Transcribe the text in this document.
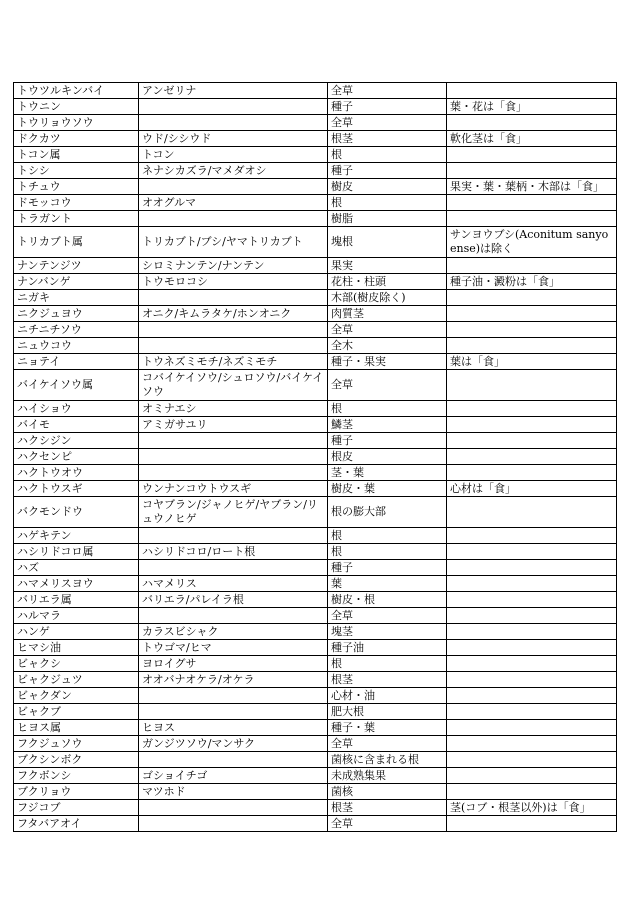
トウツルキンバイ	アンゼリナ	全草	
トウニン		種子	葉・花は「食」
トウリョウソウ		全草	
ドクカツ	ウド/シシウド	根茎	軟化茎は「食」
トコン属	トコン	根	
トシシ	ネナシカズラ/マメダオシ	種子	
トチュウ		樹皮	果実・葉・葉柄・木部は「食」
ドモッコウ	オオグルマ	根	
トラガント		樹脂	
トリカブト属	トリカブト/ブシ/ヤマトリカブト	塊根	サンヨウブシ(Aconitum sanyoense)は除く
ナンテンジツ	シロミナンテン/ナンテン	果実	
ナンバンゲ	トウモロコシ	花柱・柱頭	種子油・澱粉は「食」
ニガキ		木部(樹皮除く)	
ニクジュヨウ	オニク/キムラタケ/ホンオニク	肉質茎	
ニチニチソウ		全草	
ニュウコウ		全木	
ニョテイ	トウネズミモチ/ネズミモチ	種子・果実	葉は「食」
バイケイソウ属	コバイケイソウ/シュロソウ/バイケイソウ	全草	
ハイショウ	オミナエシ	根	
バイモ	アミガサユリ	鱗茎	
ハクシジン		種子	
ハクセンピ		根皮	
ハクトウオウ		茎・葉	
ハクトウスギ	ウンナンコウトウスギ	樹皮・葉	心材は「食」
バクモンドウ	コヤブラン/ジャノヒゲ/ヤブラン/リュウノヒゲ	根の膨大部	
ハゲキテン		根	
ハシリドコロ属	ハシリドコロ/ロート根	根	
ハズ		種子	
ハマメリスヨウ	ハマメリス	葉	
バリエラ属	バリエラ/パレイラ根	樹皮・根	
ハルマラ		全草	
ハンゲ	カラスビシャク	塊茎	
ヒマシ油	トウゴマ/ヒマ	種子油	
ビャクシ	ヨロイグサ	根	
ビャクジュツ	オオバナオケラ/オケラ	根茎	
ビャクダン		心材・油	
ビャクブ		肥大根	
ヒヨス属	ヒヨス	種子・葉	
フクジュソウ	ガンジツソウ/マンサク	全草	
ブクシンボク		菌核に含まれる根	
フクボンシ	ゴショイチゴ	未成熟集果	
ブクリョウ	マツホド	菌核	
フジコブ		根茎	茎(コブ・根茎以外)は「食」
フタバアオイ		全草	
